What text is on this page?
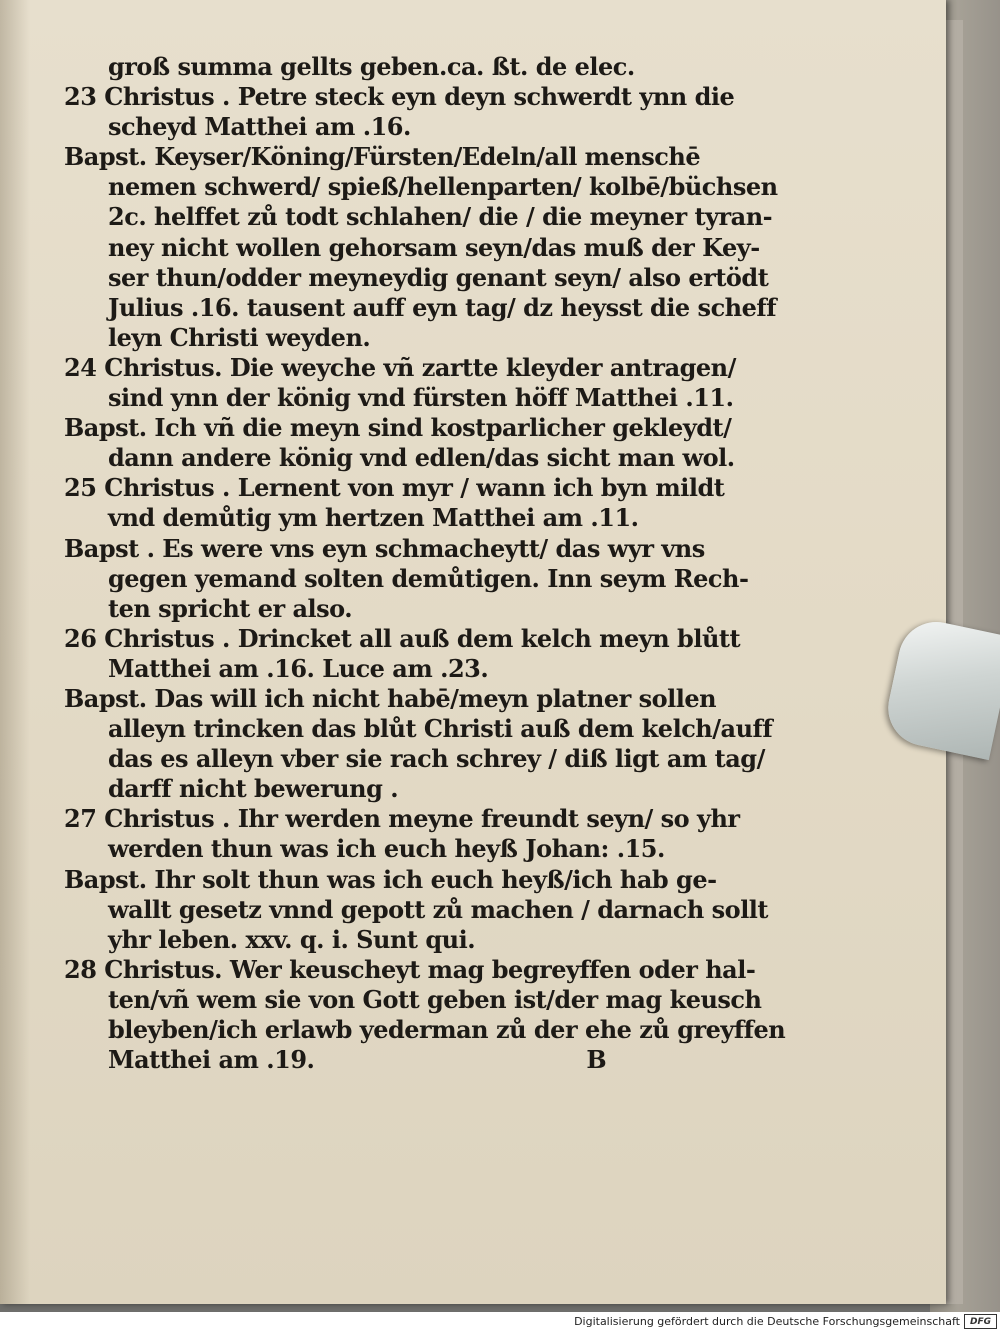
groß summa gellts geben.ca. ßt. de elec.
23 Christus . Petre steck eyn deyn schwerdt ynn die
scheyd Matthei am .16.
Bapst. Keyser/Köning/Fürsten/Edeln/all menschē
nemen schwerd/ spieß/hellenparten/ kolbē/büchsen
2c. helffet zů todt schlahen/ die / die meyner tyran-
ney nicht wollen gehorsam seyn/das muß der Key-
ser thun/odder meyneydig genant seyn/ also ertödt
Julius .16. tausent auff eyn tag/ dz heysst die scheff
leyn Christi weyden.
24 Christus. Die weyche vñ zartte kleyder antragen/
sind ynn der könig vnd fürsten höff Matthei .11.
Bapst. Ich vñ die meyn sind kostparlicher gekleydt/
dann andere könig vnd edlen/das sicht man wol.
25 Christus . Lernent von myr / wann ich byn mildt
vnd demůtig ym hertzen Matthei am .11.
Bapst . Es were vns eyn schmacheytt/ das wyr vns
gegen yemand solten demůtigen. Inn seym Rech-
ten spricht er also.
26 Christus . Drincket all auß dem kelch meyn blůtt
Matthei am .16. Luce am .23.
Bapst. Das will ich nicht habē/meyn platner sollen
alleyn trincken das blůt Christi auß dem kelch/auff
das es alleyn vber sie rach schrey / diß ligt am tag/
darff nicht bewerung .
27 Christus . Ihr werden meyne freundt seyn/ so yhr
werden thun was ich euch heyß Johan: .15.
Bapst. Ihr solt thun was ich euch heyß/ich hab ge-
wallt gesetz vnnd gepott zů machen / darnach sollt
yhr leben. xxv. q. i. Sunt qui.
28 Christus. Wer keuscheyt mag begreyffen oder hal-
ten/vñ wem sie von Gott geben ist/der mag keusch
bleyben/ich erlawb yederman zů der ehe zů greyffen
Matthei am .19.	B
Digitalisierung gefördert durch die Deutsche Forschungsgemeinschaft	DFG
